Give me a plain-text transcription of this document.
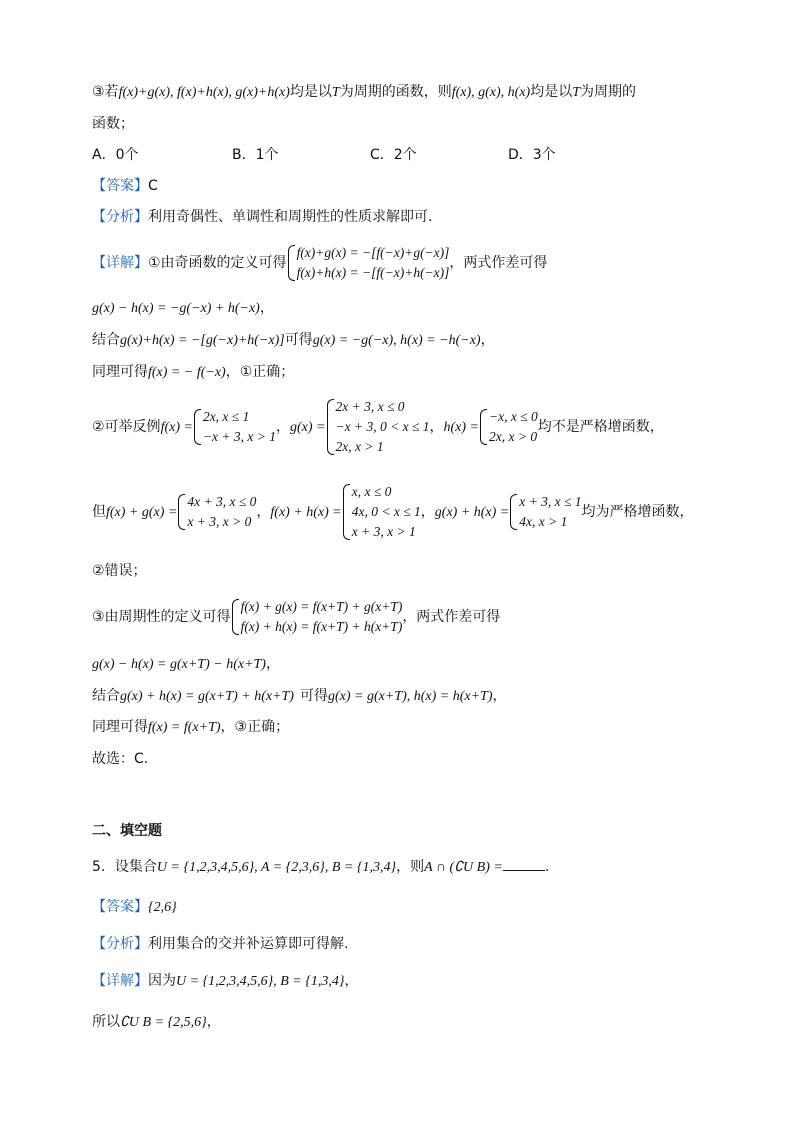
③若f(x)+g(x), f(x)+h(x), g(x)+h(x)均是以T为周期的函数，则f(x), g(x), h(x)均是以T为周期的
函数；
A．0个	B．1个	C．2个	D．3个
【答案】C
【分析】利用奇偶性、单调性和周期性的性质求解即可.
【详解】①由奇函数的定义可得
f(x)+g(x) = −[f(−x)+g(−x)]
f(x)+h(x) = −[f(−x)+h(−x)]
，两式作差可得
g(x) − h(x) = −g(−x) + h(−x)，
结合g(x)+h(x) = −[g(−x)+h(−x)]可得g(x) = −g(−x), h(x) = −h(−x)，
同理可得f(x) = − f(−x)，①正确；
②可举反例f(x) =
2x, x ≤ 1
−x + 3, x > 1
，g(x) =
2x + 3, x ≤ 0
−x + 3, 0 < x ≤ 1
2x, x > 1
，h(x) =
−x, x ≤ 0
2x, x > 0
均不是严格增函数，
但f(x) + g(x) =
4x + 3, x ≤ 0
x + 3, x > 0
，f(x) + h(x) =
x, x ≤ 0
4x, 0 < x ≤ 1
x + 3, x > 1
，g(x) + h(x) =
x + 3, x ≤ 1
4x, x > 1
均为严格增函数，
②错误；
③由周期性的定义可得
f(x) + g(x) = f(x+T) + g(x+T)
f(x) + h(x) = f(x+T) + h(x+T)
，两式作差可得
g(x) − h(x) = g(x+T) − h(x+T)，
结合g(x) + h(x) = g(x+T) + h(x+T) 可得g(x) = g(x+T), h(x) = h(x+T)，
同理可得f(x) = f(x+T)，③正确；
故选：C.
二、填空题
5．设集合U = {1,2,3,4,5,6}, A = {2,3,6}, B = {1,3,4}，则A ∩ (∁U B) =	.
【答案】{2,6}
【分析】利用集合的交并补运算即可得解.
【详解】因为U = {1,2,3,4,5,6}, B = {1,3,4}，
所以∁U B = {2,5,6}，
